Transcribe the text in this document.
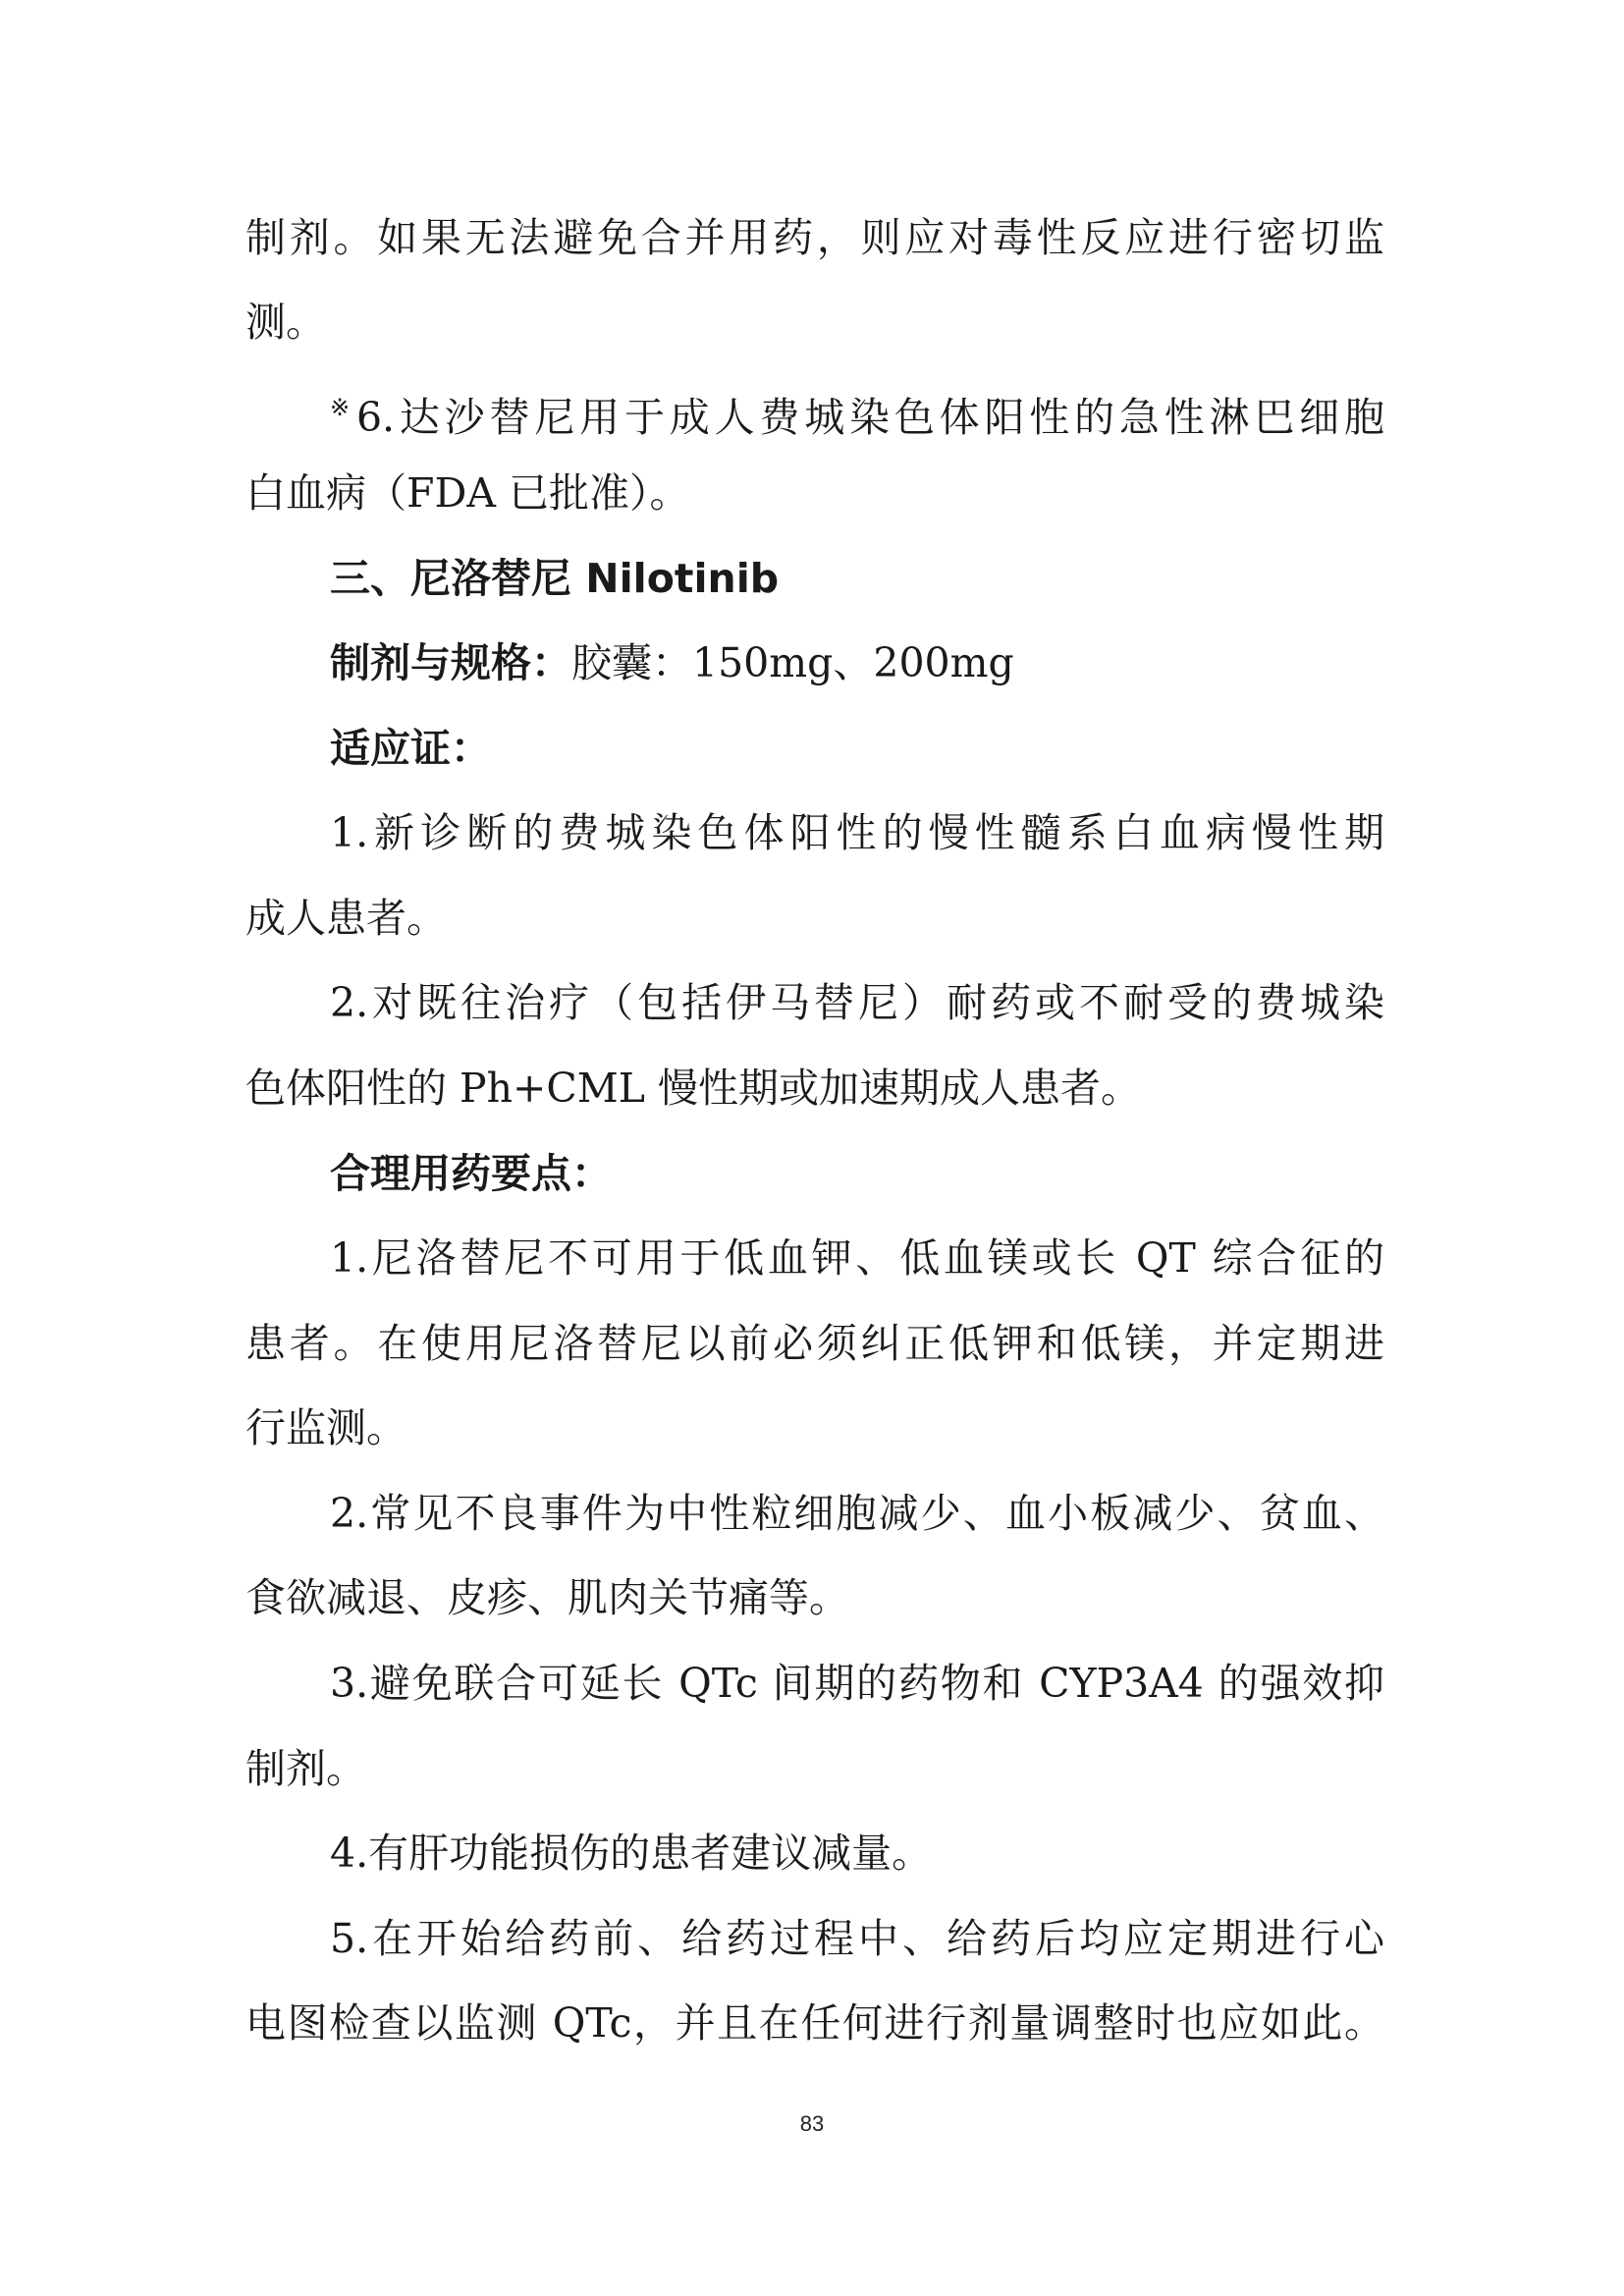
制剂。如果无法避免合并用药，则应对毒性反应进行密切监
测。
※6.达沙替尼用于成人费城染色体阳性的急性淋巴细胞
白血病（FDA 已批准）。
三、尼洛替尼 Nilotinib
制剂与规格：胶囊：150mg、200mg
适应证：
1.新诊断的费城染色体阳性的慢性髓系白血病慢性期
成人患者。
2.对既往治疗（包括伊马替尼）耐药或不耐受的费城染
色体阳性的 Ph+CML 慢性期或加速期成人患者。
合理用药要点：
1.尼洛替尼不可用于低血钾、低血镁或长 QT 综合征的
患者。在使用尼洛替尼以前必须纠正低钾和低镁，并定期进
行监测。
2.常见不良事件为中性粒细胞减少、血小板减少、贫血、
食欲减退、皮疹、肌肉关节痛等。
3.避免联合可延长 QTc 间期的药物和 CYP3A4 的强效抑
制剂。
4.有肝功能损伤的患者建议减量。
5.在开始给药前、给药过程中、给药后均应定期进行心
电图检查以监测 QTc，并且在任何进行剂量调整时也应如此。
83
